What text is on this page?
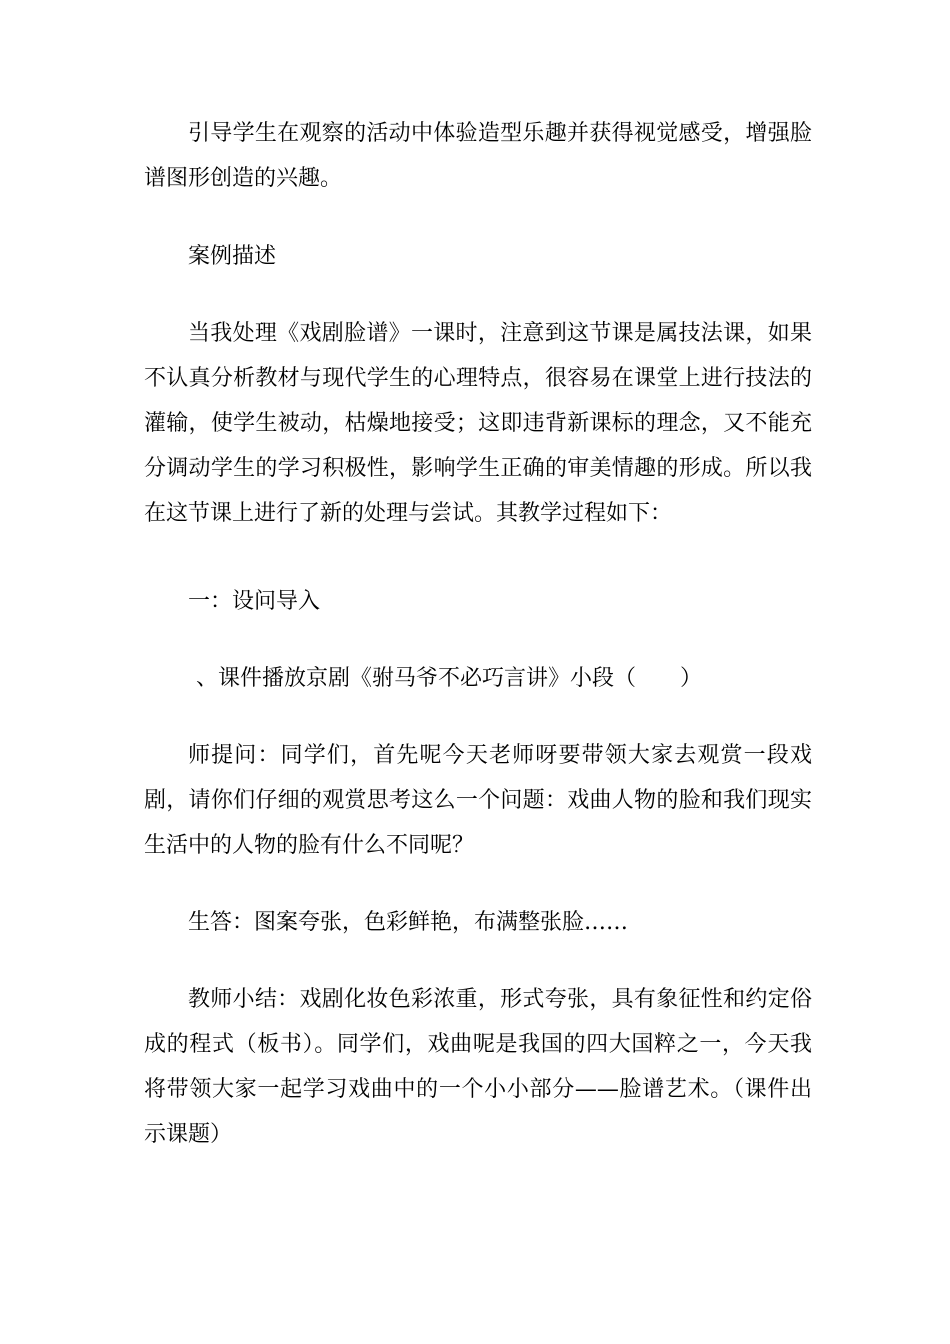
引导学生在观察的活动中体验造型乐趣并获得视觉感受，增强脸谱图形创造的兴趣。

案例描述

当我处理《戏剧脸谱》一课时，注意到这节课是属技法课，如果不认真分析教材与现代学生的心理特点，很容易在课堂上进行技法的灌输，使学生被动，枯燥地接受；这即违背新课标的理念，又不能充分调动学生的学习积极性，影响学生正确的审美情趣的形成。所以我在这节课上进行了新的处理与尝试。其教学过程如下：

一：设问导入

、课件播放京剧《驸马爷不必巧言讲》小段（　　）

师提问：同学们，首先呢今天老师呀要带领大家去观赏一段戏剧，请你们仔细的观赏思考这么一个问题：戏曲人物的脸和我们现实生活中的人物的脸有什么不同呢？

生答：图案夸张，色彩鲜艳，布满整张脸……

教师小结：戏剧化妆色彩浓重，形式夸张，具有象征性和约定俗成的程式（板书）。同学们，戏曲呢是我国的四大国粹之一，今天我将带领大家一起学习戏曲中的一个小小部分——脸谱艺术。（课件出示课题）
